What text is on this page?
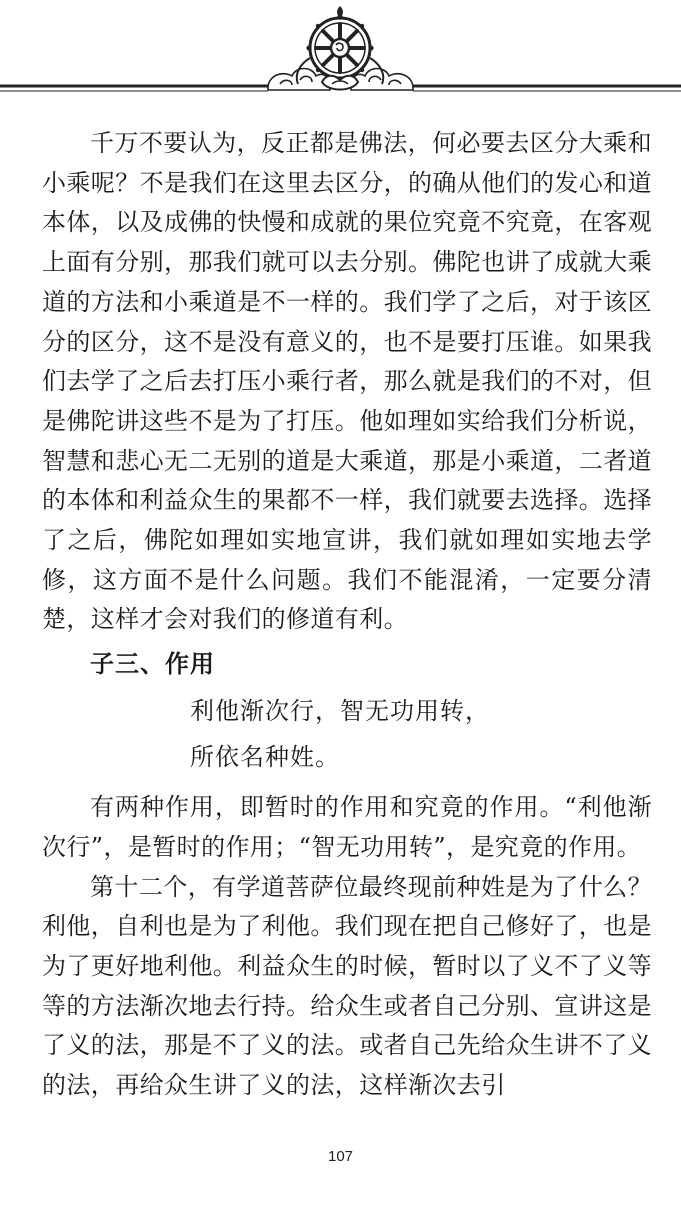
千万不要认为，反正都是佛法，何必要去区分大乘和小乘呢？不是我们在这里去区分，的确从他们的发心和道本体，以及成佛的快慢和成就的果位究竟不究竟，在客观上面有分别，那我们就可以去分别。佛陀也讲了成就大乘道的方法和小乘道是不一样的。我们学了之后，对于该区分的区分，这不是没有意义的，也不是要打压谁。如果我们去学了之后去打压小乘行者，那么就是我们的不对，但是佛陀讲这些不是为了打压。他如理如实给我们分析说，智慧和悲心无二无别的道是大乘道，那是小乘道，二者道的本体和利益众生的果都不一样，我们就要去选择。选择了之后，佛陀如理如实地宣讲，我们就如理如实地去学修，这方面不是什么问题。我们不能混淆，一定要分清楚，这样才会对我们的修道有利。

子三、作用

利他渐次行，智无功用转，

所依名种姓。

有两种作用，即暂时的作用和究竟的作用。“利他渐次行”，是暂时的作用；“智无功用转”，是究竟的作用。

第十二个，有学道菩萨位最终现前种姓是为了什么？利他，自利也是为了利他。我们现在把自己修好了，也是为了更好地利他。利益众生的时候，暂时以了义不了义等等的方法渐次地去行持。给众生或者自己分别、宣讲这是了义的法，那是不了义的法。或者自己先给众生讲不了义的法，再给众生讲了义的法，这样渐次去引

107
